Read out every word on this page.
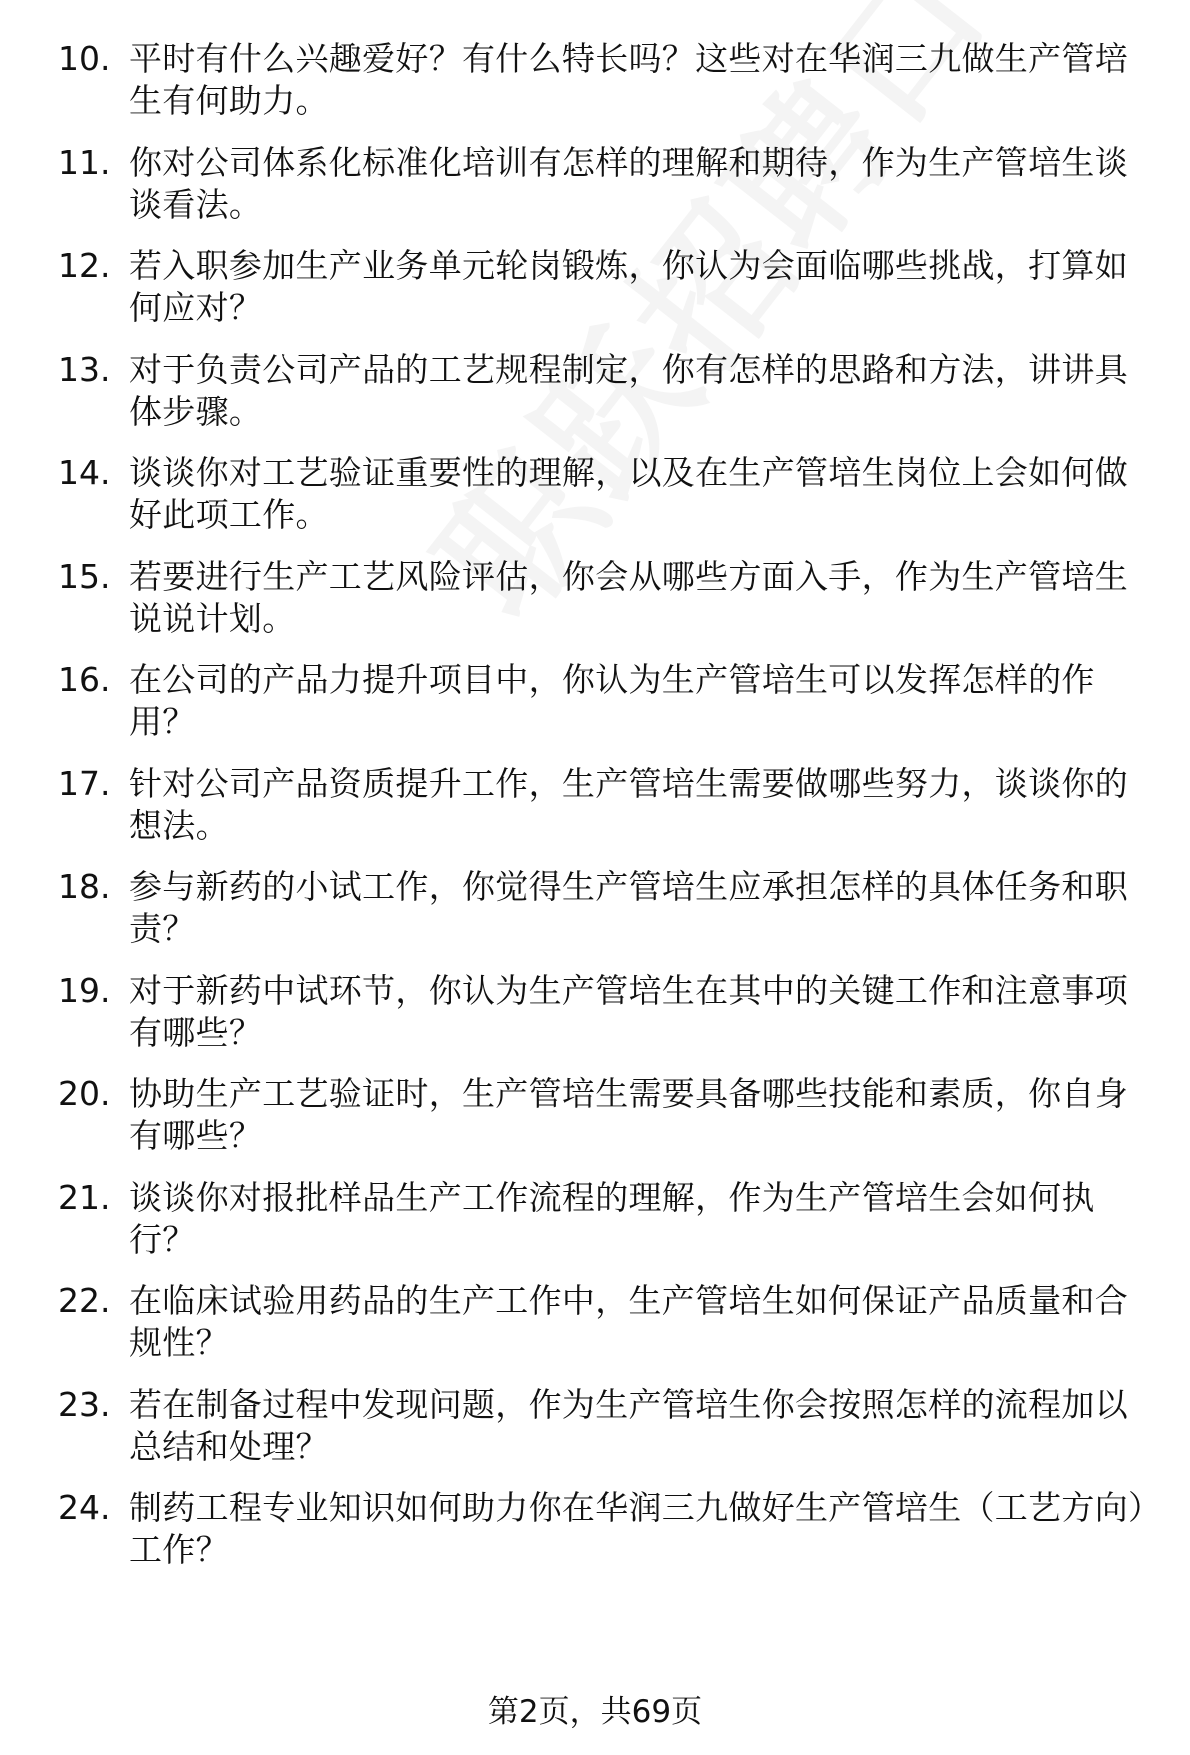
10. 平时有什么兴趣爱好？有什么特长吗？这些对在华润三九做生产管培生有何助力。
11. 你对公司体系化标准化培训有怎样的理解和期待，作为生产管培生谈谈看法。
12. 若入职参加生产业务单元轮岗锻炼，你认为会面临哪些挑战，打算如何应对？
13. 对于负责公司产品的工艺规程制定，你有怎样的思路和方法，讲讲具体步骤。
14. 谈谈你对工艺验证重要性的理解，以及在生产管培生岗位上会如何做好此项工作。
15. 若要进行生产工艺风险评估，你会从哪些方面入手，作为生产管培生说说计划。
16. 在公司的产品力提升项目中，你认为生产管培生可以发挥怎样的作用？
17. 针对公司产品资质提升工作，生产管培生需要做哪些努力，谈谈你的想法。
18. 参与新药的小试工作，你觉得生产管培生应承担怎样的具体任务和职责？
19. 对于新药中试环节，你认为生产管培生在其中的关键工作和注意事项有哪些？
20. 协助生产工艺验证时，生产管培生需要具备哪些技能和素质，你自身有哪些？
21. 谈谈你对报批样品生产工作流程的理解，作为生产管培生会如何执行？
22. 在临床试验用药品的生产工作中，生产管培生如何保证产品质量和合规性？
23. 若在制备过程中发现问题，作为生产管培生你会按照怎样的流程加以总结和处理？
24. 制药工程专业知识如何助力你在华润三九做好生产管培生（工艺方向）工作？
第2页，共69页
